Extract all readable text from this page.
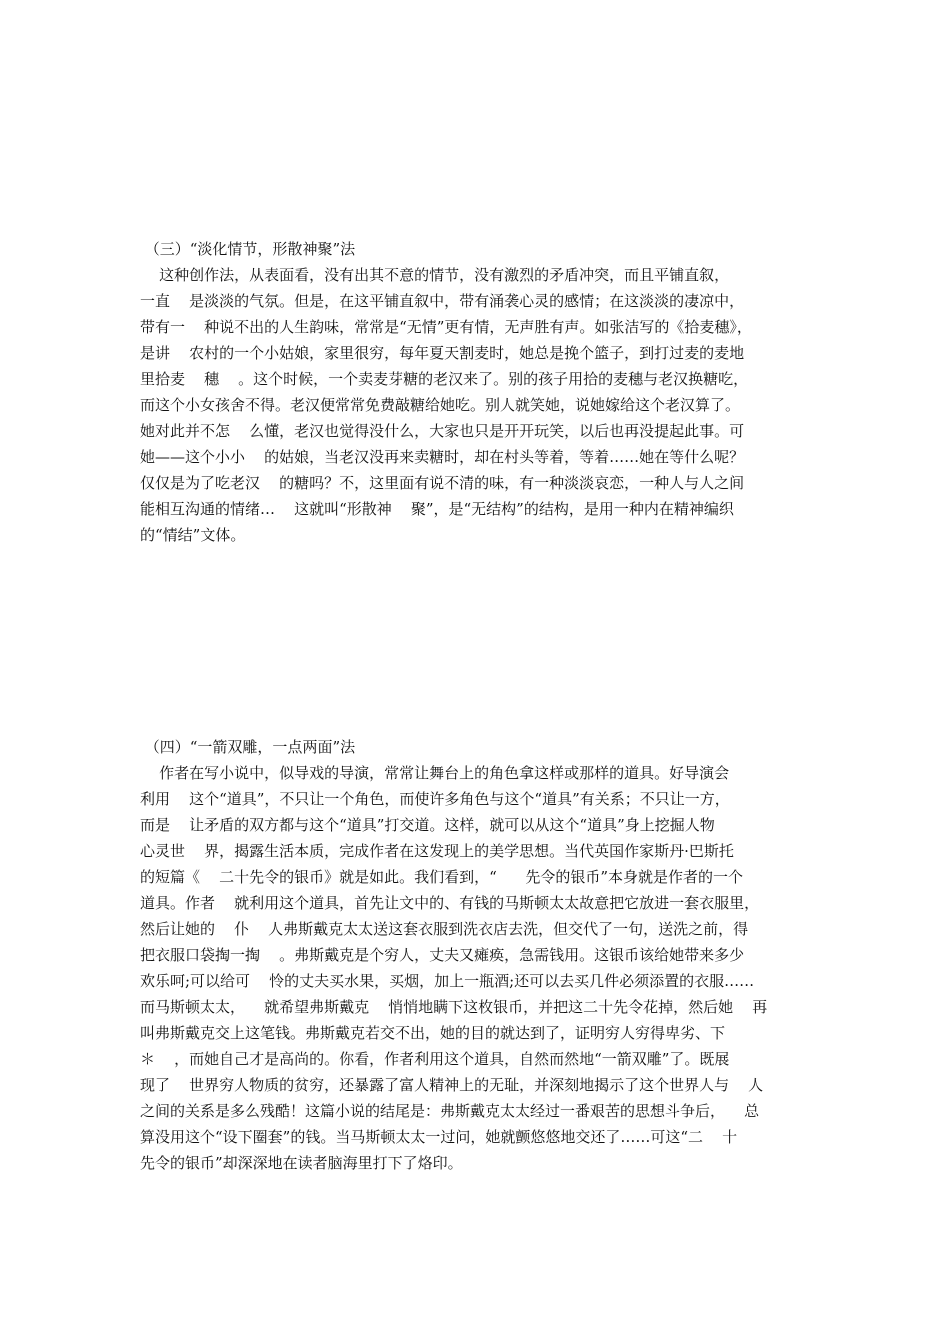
（三）“淡化情节，形散神聚”法
这种创作法，从表面看，没有出其不意的情节，没有激烈的矛盾冲突，而且平铺直叙，
一直    是淡淡的气氛。但是，在这平铺直叙中，带有涌袭心灵的感情；在这淡淡的凄凉中，
带有一    种说不出的人生韵味，常常是“无情”更有情，无声胜有声。如张洁写的《拾麦穗》，
是讲    农村的一个小姑娘，家里很穷，每年夏天割麦时，她总是挽个篮子，到打过麦的麦地
里拾麦    穗    。这个时候，一个卖麦芽糖的老汉来了。别的孩子用拾的麦穗与老汉换糖吃，
而这个小女孩舍不得。老汉便常常免费敲糖给她吃。别人就笑她，说她嫁给这个老汉算了。
她对此并不怎    么懂，老汉也觉得没什么，大家也只是开开玩笑，以后也再没提起此事。可
她——这个小小    的姑娘，当老汉没再来卖糖时，却在村头等着，等着……她在等什么呢？
仅仅是为了吃老汉    的糖吗？不，这里面有说不清的味，有一种淡淡哀恋，一种人与人之间
能相互沟通的情绪…    这就叫“形散神    聚”，是“无结构”的结构，是用一种内在精神编织
的“情结”文体。
（四）“一箭双雕，一点两面”法
作者在写小说中，似导戏的导演，常常让舞台上的角色拿这样或那样的道具。好导演会
利用    这个“道具”，不只让一个角色，而使许多角色与这个“道具”有关系；不只让一方，
而是    让矛盾的双方都与这个“道具”打交道。这样，就可以从这个“道具”身上挖掘人物
心灵世    界，揭露生活本质，完成作者在这发现上的美学思想。当代英国作家斯丹·巴斯托
的短篇《    二十先令的银币》就是如此。我们看到，“      先令的银币”本身就是作者的一个
道具。作者    就利用这个道具，首先让文中的、有钱的马斯顿太太故意把它放进一套衣服里，
然后让她的    仆    人弗斯戴克太太送这套衣服到洗衣店去洗，但交代了一句，送洗之前，得
把衣服口袋掏一掏    。弗斯戴克是个穷人，丈夫又瘫痪，急需钱用。这银币该给她带来多少
欢乐呵;可以给可    怜的丈夫买水果，买烟，加上一瓶酒;还可以去买几件必须添置的衣服……
而马斯顿太太，    就希望弗斯戴克    悄悄地瞒下这枚银币，并把这二十先令花掉，然后她    再
叫弗斯戴克交上这笔钱。弗斯戴克若交不出，她的目的就达到了，证明穷人穷得卑劣、下
＊    ，而她自己才是高尚的。你看，作者利用这个道具，自然而然地“一箭双雕”了。既展
现了    世界穷人物质的贫穷，还暴露了富人精神上的无耻，并深刻地揭示了这个世界人与    人
之间的关系是多么残酷！这篇小说的结尾是：弗斯戴克太太经过一番艰苦的思想斗争后，    总
算没用这个“设下圈套”的钱。当马斯顿太太一过问，她就颤悠悠地交还了……可这“二    十
先令的银币”却深深地在读者脑海里打下了烙印。
